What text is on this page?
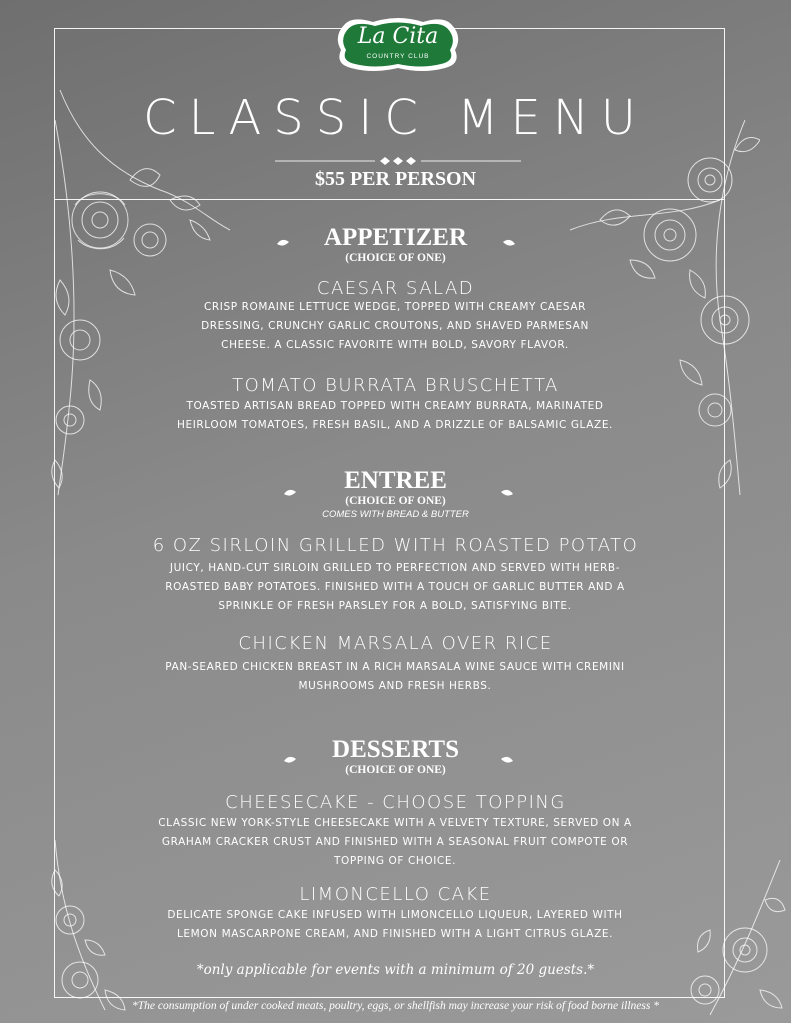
La Cita
COUNTRY CLUB
CLASSIC MENU
$55 PER PERSON
APPETIZER
(CHOICE OF ONE)
CAESAR SALAD
CRISP ROMAINE LETTUCE WEDGE, TOPPED WITH CREAMY CAESAR
DRESSING, CRUNCHY GARLIC CROUTONS, AND SHAVED PARMESAN
CHEESE. A CLASSIC FAVORITE WITH BOLD, SAVORY FLAVOR.
TOMATO BURRATA BRUSCHETTA
TOASTED ARTISAN BREAD TOPPED WITH CREAMY BURRATA, MARINATED
HEIRLOOM TOMATOES, FRESH BASIL, AND A DRIZZLE OF BALSAMIC GLAZE.
ENTREE
(CHOICE OF ONE)
COMES WITH BREAD & BUTTER
6 OZ SIRLOIN GRILLED WITH ROASTED POTATO
JUICY, HAND-CUT SIRLOIN GRILLED TO PERFECTION AND SERVED WITH HERB-
ROASTED BABY POTATOES. FINISHED WITH A TOUCH OF GARLIC BUTTER AND A
SPRINKLE OF FRESH PARSLEY FOR A BOLD, SATISFYING BITE.
CHICKEN MARSALA OVER RICE
PAN-SEARED CHICKEN BREAST IN A RICH MARSALA WINE SAUCE WITH CREMINI
MUSHROOMS AND FRESH HERBS.
DESSERTS
(CHOICE OF ONE)
CHEESECAKE - CHOOSE TOPPING
CLASSIC NEW YORK-STYLE CHEESECAKE WITH A VELVETY TEXTURE, SERVED ON A
GRAHAM CRACKER CRUST AND FINISHED WITH A SEASONAL FRUIT COMPOTE OR
TOPPING OF CHOICE.
LIMONCELLO CAKE
DELICATE SPONGE CAKE INFUSED WITH LIMONCELLO LIQUEUR, LAYERED WITH
LEMON MASCARPONE CREAM, AND FINISHED WITH A LIGHT CITRUS GLAZE.
*only applicable for events with a minimum of 20 guests.*
*The consumption of under cooked meats, poultry, eggs, or shellfish may increase your risk of food borne illness *
